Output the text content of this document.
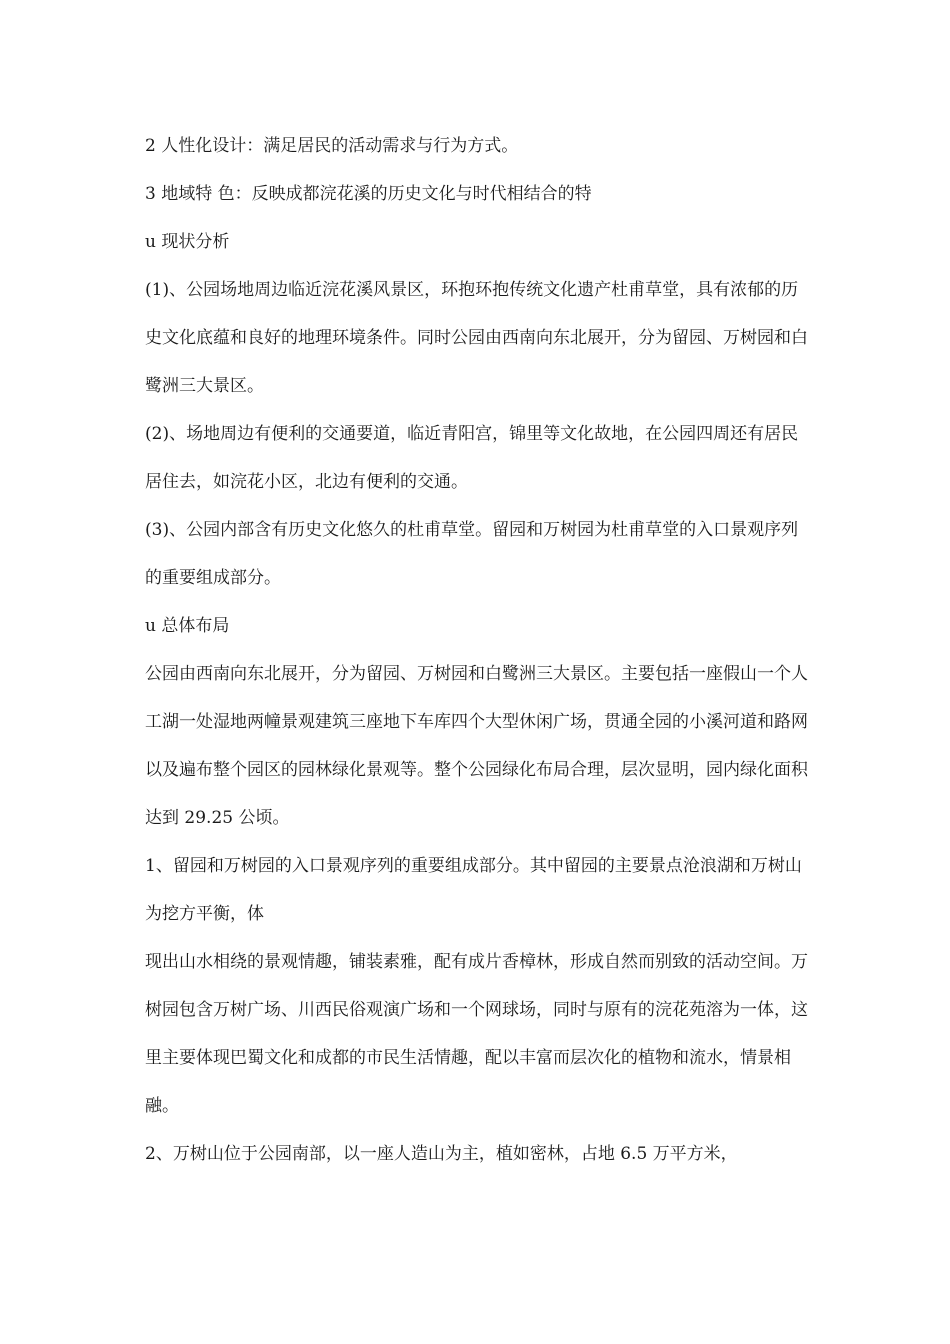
2 人性化设计：满足居民的活动需求与行为方式。

3 地域特 色：反映成都浣花溪的历史文化与时代相结合的特

u 现状分析

(1)、公园场地周边临近浣花溪风景区，环抱环抱传统文化遗产杜甫草堂，具有浓郁的历史文化底蕴和良好的地理环境条件。同时公园由西南向东北展开，分为留园、万树园和白鹭洲三大景区。

(2)、场地周边有便利的交通要道，临近青阳宫，锦里等文化故地，在公园四周还有居民居住去，如浣花小区，北边有便利的交通。

(3)、公园内部含有历史文化悠久的杜甫草堂。留园和万树园为杜甫草堂的入口景观序列的重要组成部分。

u 总体布局

公园由西南向东北展开，分为留园、万树园和白鹭洲三大景区。主要包括一座假山一个人工湖一处湿地两幢景观建筑三座地下车库四个大型休闲广场，贯通全园的小溪河道和路网以及遍布整个园区的园林绿化景观等。整个公园绿化布局合理，层次显明，园内绿化面积达到 29.25 公顷。

1、留园和万树园的入口景观序列的重要组成部分。其中留园的主要景点沧浪湖和万树山为挖方平衡，体

现出山水相绕的景观情趣，铺装素雅，配有成片香樟林，形成自然而别致的活动空间。万树园包含万树广场、川西民俗观演广场和一个网球场，同时与原有的浣花苑溶为一体，这里主要体现巴蜀文化和成都的市民生活情趣，配以丰富而层次化的植物和流水，情景相融。

2、万树山位于公园南部，以一座人造山为主，植如密林，占地 6.5 万平方米，
